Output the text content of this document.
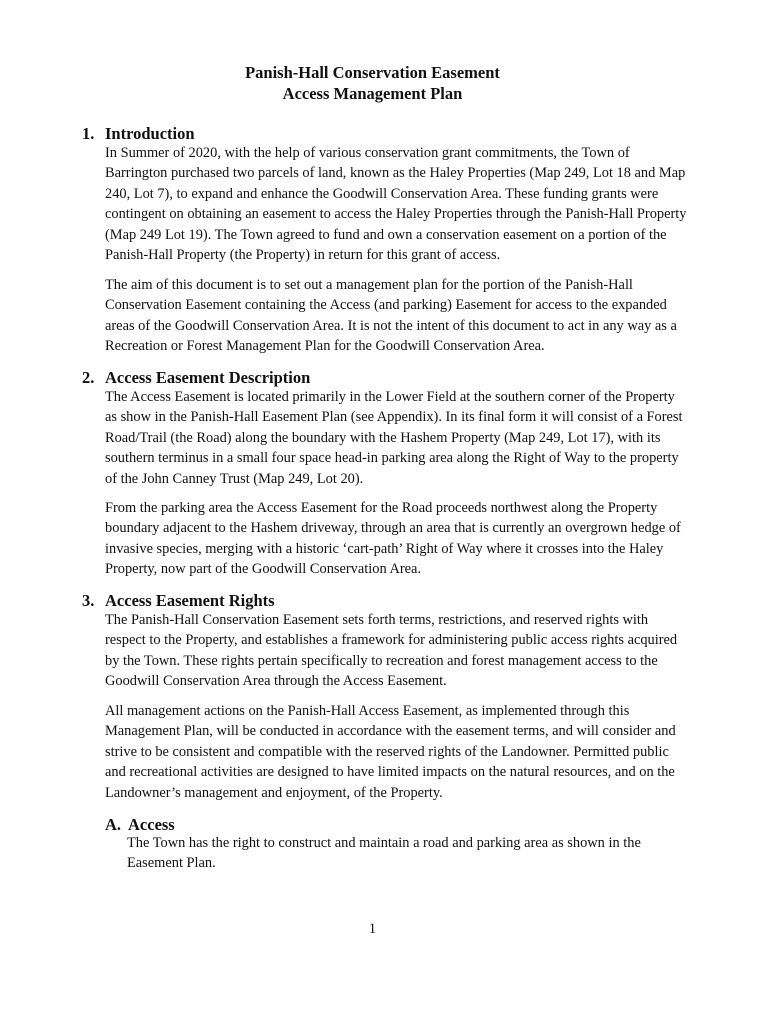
Panish-Hall Conservation Easement
Access Management Plan
1. Introduction

In Summer of 2020, with the help of various conservation grant commitments, the Town of Barrington purchased two parcels of land, known as the Haley Properties (Map 249, Lot 18 and Map 240, Lot 7), to expand and enhance the Goodwill Conservation Area. These funding grants were contingent on obtaining an easement to access the Haley Properties through the Panish-Hall Property (Map 249 Lot 19). The Town agreed to fund and own a conservation easement on a portion of the Panish-Hall Property (the Property) in return for this grant of access.

The aim of this document is to set out a management plan for the portion of the Panish-Hall Conservation Easement containing the Access (and parking) Easement for access to the expanded areas of the Goodwill Conservation Area. It is not the intent of this document to act in any way as a Recreation or Forest Management Plan for the Goodwill Conservation Area.

2. Access Easement Description

The Access Easement is located primarily in the Lower Field at the southern corner of the Property as show in the Panish-Hall Easement Plan (see Appendix). In its final form it will consist of a Forest Road/Trail (the Road) along the boundary with the Hashem Property (Map 249, Lot 17), with its southern terminus in a small four space head-in parking area along the Right of Way to the property of the John Canney Trust (Map 249, Lot 20).

From the parking area the Access Easement for the Road proceeds northwest along the Property boundary adjacent to the Hashem driveway, through an area that is currently an overgrown hedge of invasive species, merging with a historic ‘cart-path’ Right of Way where it crosses into the Haley Property, now part of the Goodwill Conservation Area.

3. Access Easement Rights

The Panish-Hall Conservation Easement sets forth terms, restrictions, and reserved rights with respect to the Property, and establishes a framework for administering public access rights acquired by the Town. These rights pertain specifically to recreation and forest management access to the Goodwill Conservation Area through the Access Easement.

All management actions on the Panish-Hall Access Easement, as implemented through this Management Plan, will be conducted in accordance with the easement terms, and will consider and strive to be consistent and compatible with the reserved rights of the Landowner. Permitted public and recreational activities are designed to have limited impacts on the natural resources, and on the Landowner’s management and enjoyment, of the Property.

A. Access

The Town has the right to construct and maintain a road and parking area as shown in the Easement Plan.

1
